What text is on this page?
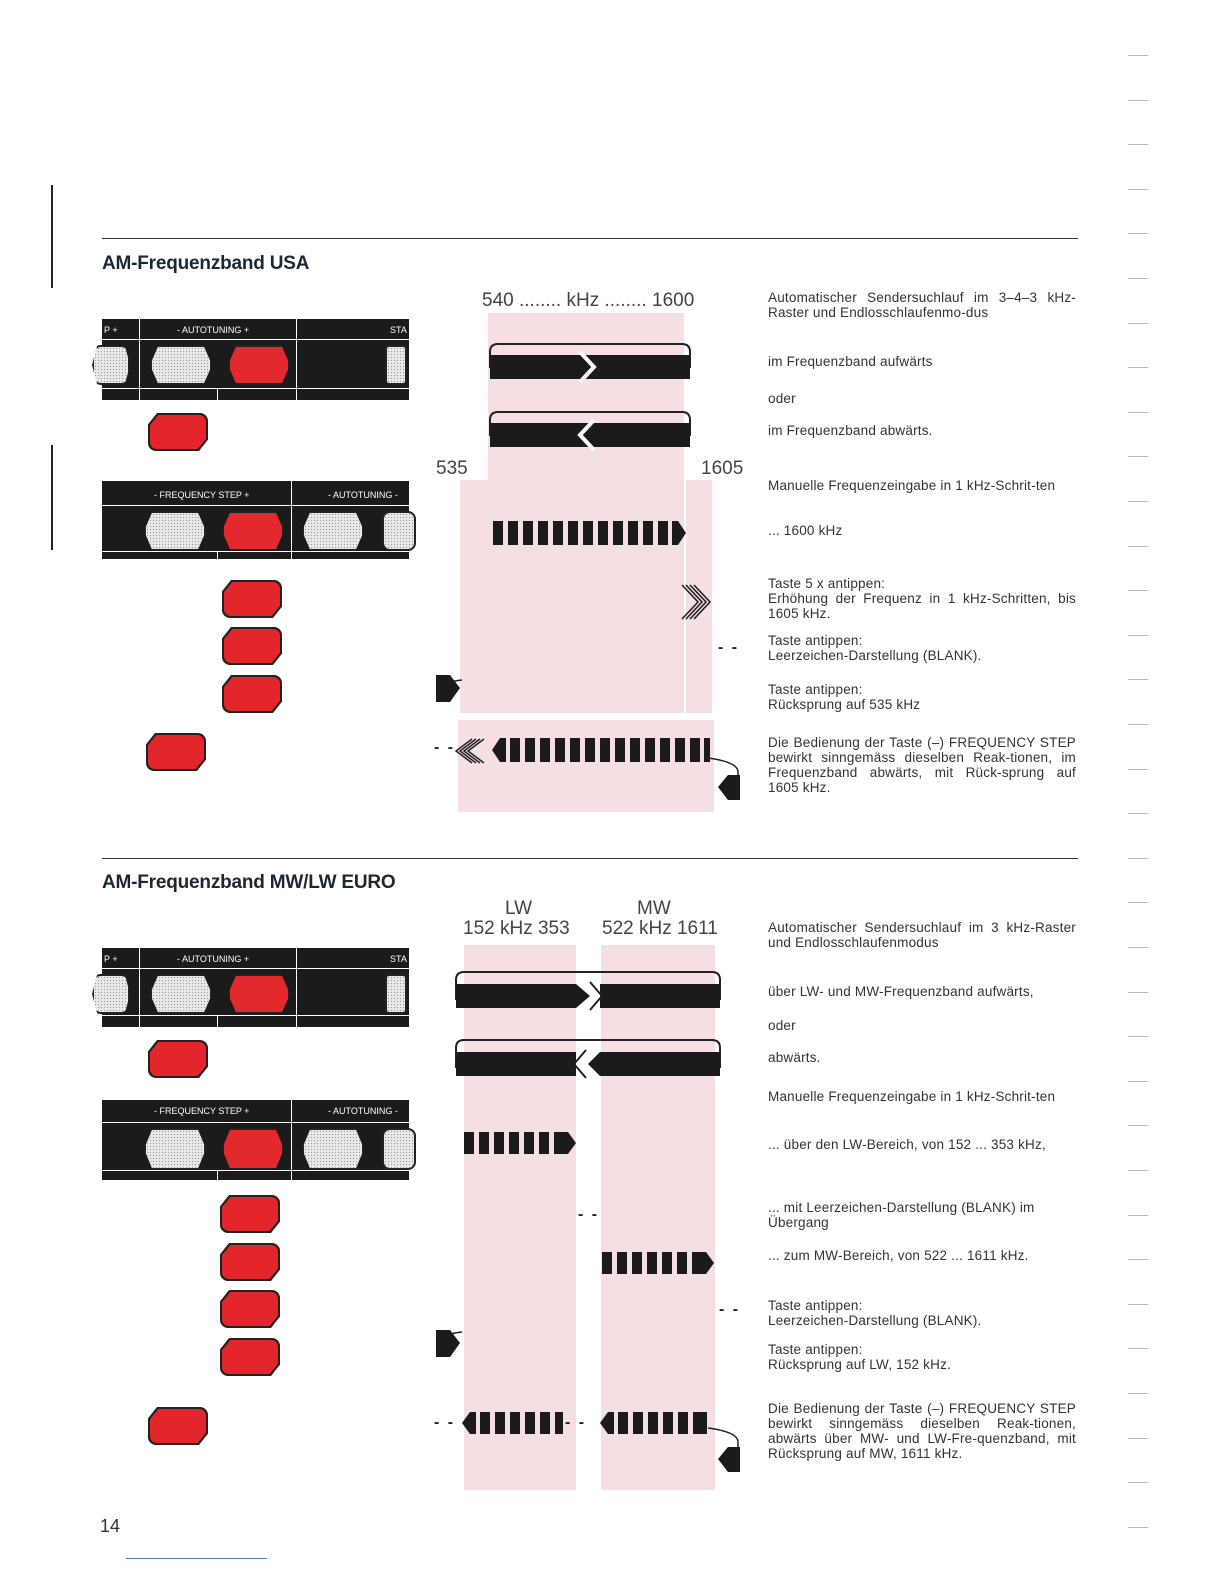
AM-Frequenzband USA
540 ........ kHz ........ 1600
535	1605
- -
- -
P +	- AUTOTUNING +	STA
- FREQUENCY STEP +	- AUTOTUNING -

Automatischer Sendersuchlauf im 3–4–3 kHz-Raster und Endlosschlaufenmo-dus

im Frequenzband aufwärts
oder
im Frequenzband abwärts.
Manuelle Frequenzeingabe in 1 kHz-Schrit-ten
... 1600 kHz

Taste 5 x antippen:

Erhöhung der Frequenz in 1 kHz-Schritten, bis 1605 kHz.

Taste antippen:

Leerzeichen-Darstellung (BLANK).

Taste antippen:

Rücksprung auf 535 kHz

Die Bedienung der Taste (–) FREQUENCY STEP bewirkt sinngemäss dieselben Reak-tionen, im Frequenzband abwärts, mit Rück-sprung auf 1605 kHz.
AM-Frequenzband MW/LW EURO
LW
152 kHz 353
MW
522 kHz 1611
- -
- -
- -	- -
P +	- AUTOTUNING +	STA
- FREQUENCY STEP +	- AUTOTUNING -
Automatischer Sendersuchlauf im 3 kHz-Raster und Endlosschlaufenmodus
über LW- und MW-Frequenzband aufwärts,
oder
abwärts.
Manuelle Frequenzeingabe in 1 kHz-Schrit-ten
... über den LW-Bereich, von 152 ... 353 kHz,
... mit Leerzeichen-Darstellung (BLANK) im Übergang
... zum MW-Bereich, von 522 ... 1611 kHz.

Taste antippen:

Leerzeichen-Darstellung (BLANK).

Taste antippen:

Rücksprung auf LW, 152 kHz.

Die Bedienung der Taste (–) FREQUENCY STEP bewirkt sinngemäss dieselben Reak-tionen, abwärts über MW- und LW-Fre-quenzband, mit Rücksprung auf MW, 1611 kHz.
14
